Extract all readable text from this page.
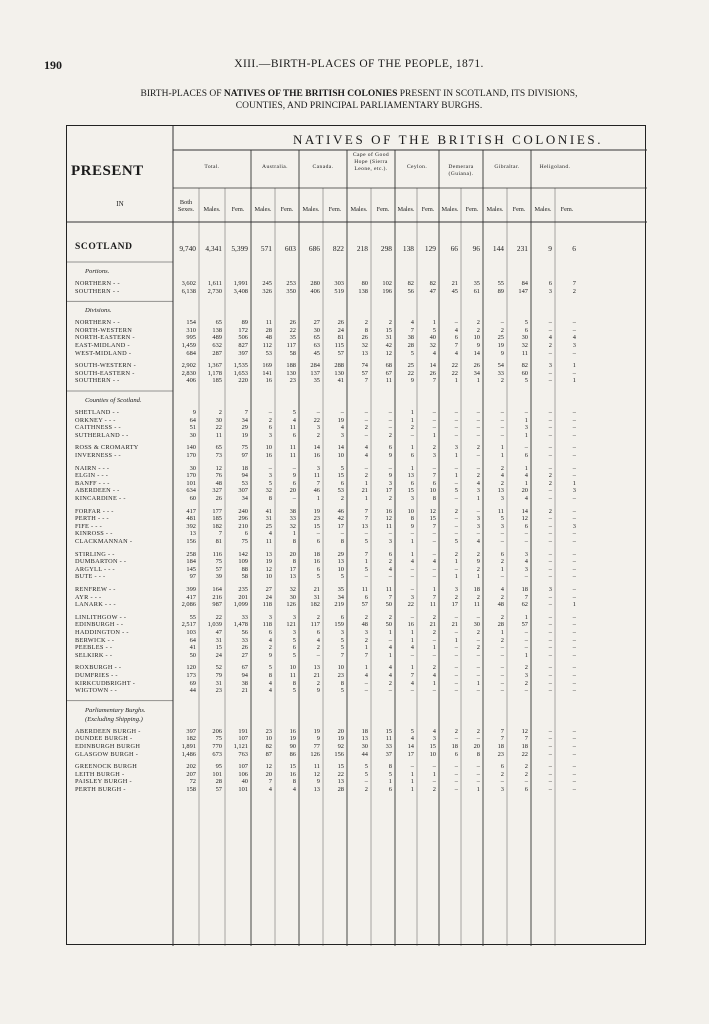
190	XIII.—BIRTH-PLACES OF THE PEOPLE, 1871.
BIRTH-PLACES OF NATIVES OF THE BRITISH COLONIES PRESENT IN SCOTLAND, ITS DIVISIONS,
COUNTIES, AND PRINCIPAL PARLIAMENTARY BURGHS.
NATIVES OF THE BRITISH COLONIES.
PRESENT
IN
Total.	Australia.	Canada.
Cape of Good Hope (Sierra Leone, etc.).	Ceylon.	Demerara (Guiana).
Gibraltar.	Heligoland.
Both Sexes.	Males.	Fem.	Males.	Fem.	Males.	Fem.	Males.	Fem.	Males.	Fem.	Males.	Fem.	Males.	Fem.	Males.	Fem.
SCOTLAND	9,740	4,341	5,399	571	603	686	822	218	298	138	129	66	96	144	231	9	6
Portions.
NORTHERN - -	3,602	1,611	1,991	245	253	280	303	80	102	82	82	21	35	55	84	6	7
SOUTHERN - -	6,138	2,730	3,408	326	350	406	519	138	196	56	47	45	61	89	147	3	2
Divisions.
NORTHERN - -	154	65	89	11	26	27	26	2	2	4	1	–	2	–	5	–	–
NORTH-WESTERN	310	138	172	28	22	30	24	8	15	7	5	4	2	2	6	–	–
NORTH-EASTERN -	995	489	506	48	35	65	81	26	31	38	40	6	10	25	30	4	4
EAST-MIDLAND -	1,459	632	827	112	117	63	115	32	42	28	32	7	9	19	32	2	3
WEST-MIDLAND -	684	287	397	53	58	45	57	13	12	5	4	4	14	9	11	–	–
SOUTH-WESTERN -	2,902	1,367	1,535	169	188	284	288	74	68	25	14	22	26	54	82	3	1
SOUTH-EASTERN -	2,830	1,178	1,653	141	130	137	130	57	67	22	26	22	34	33	60	–	–
SOUTHERN - -	406	185	220	16	23	35	41	7	11	9	7	1	1	2	5	–	1
Counties of Scotland.
SHETLAND - -	9	2	7	–	5	–	–	–	–	1	–	–	–	–	–	–	–
ORKNEY - - -	64	30	34	2	4	22	19	–	–	1	–	–	–	–	1	–	–
CAITHNESS - -	51	22	29	6	11	3	4	2	–	2	–	–	–	–	3	–	–
SUTHERLAND - -	30	11	19	3	6	2	3	–	2	–	1	–	–	–	1	–	–
ROSS & CROMARTY	140	65	75	10	11	14	14	4	6	1	2	3	2	1	–	–	–
INVERNESS - -	170	73	97	16	11	16	10	4	9	6	3	1	–	1	6	–	–
NAIRN - - -	30	12	18	–	–	3	5	–	–	1	–	–	–	2	1	–	–
ELGIN - - -	170	76	94	3	9	11	15	2	9	13	7	1	2	4	4	2	–
BANFF - - -	101	48	53	5	6	7	6	1	3	6	6	–	4	2	1	2	1
ABERDEEN - -	634	327	307	32	20	46	53	21	17	15	10	5	3	13	20	–	3
KINCARDINE - -	60	26	34	8	–	1	2	1	2	3	8	–	1	3	4	–	–
FORFAR - - -	417	177	240	41	38	19	46	7	16	10	12	2	–	11	14	2	–
PERTH - - -	481	185	296	31	33	23	42	7	12	8	15	–	3	5	12	–	–
FIFE - - -	392	182	210	25	32	15	17	13	11	9	7	–	3	3	6	–	3
KINROSS - -	13	7	6	4	1	–	–	–	–	–	–	–	–	–	–	–	–
CLACKMANNAN -	156	81	75	11	8	6	8	5	3	1	–	5	4	–	–	–	–
STIRLING - -	258	116	142	13	20	18	29	7	6	1	–	2	2	6	3	–	–
DUMBARTON - -	184	75	109	19	8	16	13	1	2	4	4	1	9	2	4	–	–
ARGYLL - - -	145	57	88	12	17	6	10	5	4	–	–	–	2	1	3	–	–
BUTE - - -	97	39	58	10	13	5	5	–	–	–	–	1	1	–	–	–	–
RENFREW - -	399	164	235	27	32	21	35	11	11	–	1	3	18	4	18	3	–
AYR - - -	417	216	201	24	30	31	34	6	7	3	7	2	2	2	7	–	–
LANARK - - -	2,086	987	1,099	118	126	182	219	57	50	22	11	17	11	48	62	–	1
LINLITHGOW - -	55	22	33	3	3	2	6	2	2	–	2	–	–	2	1	–	–
EDINBURGH - -	2,517	1,039	1,478	118	121	117	159	48	50	16	21	21	30	28	57	–	–
HADDINGTON - -	103	47	56	6	3	6	3	3	1	1	2	–	2	1	–	–	–
BERWICK - -	64	31	33	4	5	4	5	2	–	1	–	1	–	2	–	–	–
PEEBLES - -	41	15	26	2	6	2	5	1	4	4	1	–	2	–	–	–	–
SELKIRK - -	50	24	27	9	5	–	7	7	1	–	–	–	–	–	1	–	–
ROXBURGH - -	120	52	67	5	10	13	10	1	4	1	2	–	–	–	2	–	–
DUMFRIES - -	173	79	94	8	11	21	23	4	4	7	4	–	–	–	3	–	–
KIRKCUDBRIGHT -	69	31	38	4	8	2	8	–	2	4	1	–	1	–	2	–	–
WIGTOWN - -	44	23	21	4	5	9	5	–	–	–	–	–	–	–	–	–	–
Parliamentary Burghs.
(Excluding Shipping.)
ABERDEEN BURGH -	397	206	191	23	16	19	20	18	15	5	4	2	2	7	12	–	–
DUNDEE BURGH -	182	75	107	10	19	9	19	13	11	4	3	–	–	7	7	–	–
EDINBURGH BURGH	1,891	770	1,121	82	90	77	92	30	33	14	15	18	20	18	18	–	–
GLASGOW BURGH -	1,486	673	763	87	86	126	156	44	37	17	10	6	8	23	22	–	–
GREENOCK BURGH	202	95	107	12	15	11	15	5	8	–	–	–	–	6	2	–	–
LEITH BURGH -	207	101	106	20	16	12	22	5	5	1	1	–	–	2	2	–	–
PAISLEY BURGH -	72	28	40	7	8	9	13	–	1	1	–	–	–	–	–	–	–
PERTH BURGH -	158	57	101	4	4	13	28	2	6	1	2	–	1	3	6	–	–
